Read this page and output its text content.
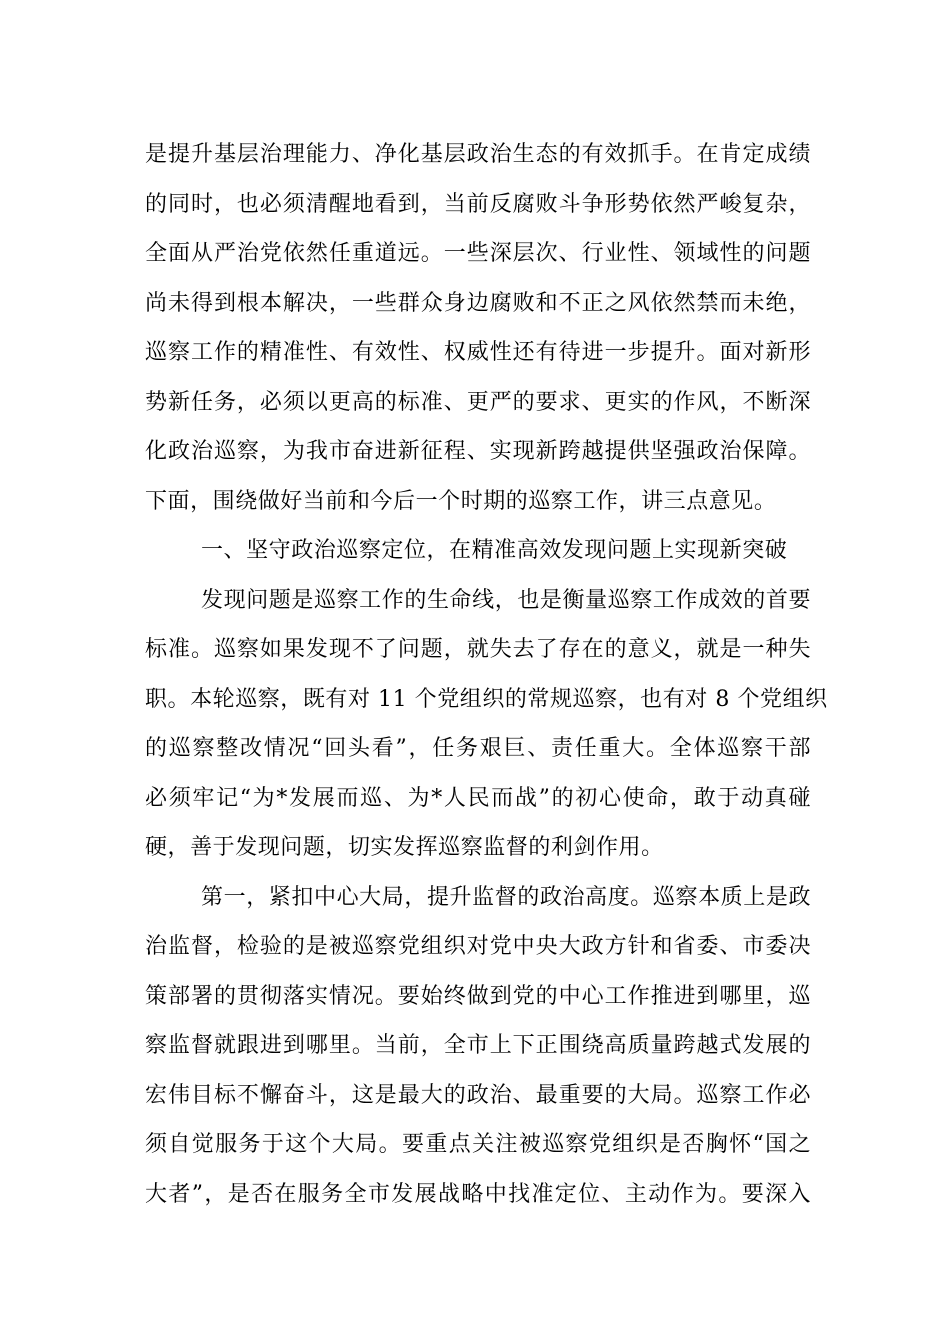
是提升基层治理能力、净化基层政治生态的有效抓手。在肯定成绩
的同时，也必须清醒地看到，当前反腐败斗争形势依然严峻复杂，
全面从严治党依然任重道远。一些深层次、行业性、领域性的问题
尚未得到根本解决，一些群众身边腐败和不正之风依然禁而未绝，
巡察工作的精准性、有效性、权威性还有待进一步提升。面对新形
势新任务，必须以更高的标准、更严的要求、更实的作风，不断深
化政治巡察，为我市奋进新征程、实现新跨越提供坚强政治保障。
下面，围绕做好当前和今后一个时期的巡察工作，讲三点意见。
一、坚守政治巡察定位，在精准高效发现问题上实现新突破
发现问题是巡察工作的生命线，也是衡量巡察工作成效的首要
标准。巡察如果发现不了问题，就失去了存在的意义，就是一种失
职。本轮巡察，既有对 11 个党组织的常规巡察，也有对 8 个党组织
的巡察整改情况“回头看”，任务艰巨、责任重大。全体巡察干部
必须牢记“为*发展而巡、为*人民而战”的初心使命，敢于动真碰
硬，善于发现问题，切实发挥巡察监督的利剑作用。
第一，紧扣中心大局，提升监督的政治高度。巡察本质上是政
治监督，检验的是被巡察党组织对党中央大政方针和省委、市委决
策部署的贯彻落实情况。要始终做到党的中心工作推进到哪里，巡
察监督就跟进到哪里。当前，全市上下正围绕高质量跨越式发展的
宏伟目标不懈奋斗，这是最大的政治、最重要的大局。巡察工作必
须自觉服务于这个大局。要重点关注被巡察党组织是否胸怀“国之
大者”，是否在服务全市发展战略中找准定位、主动作为。要深入
